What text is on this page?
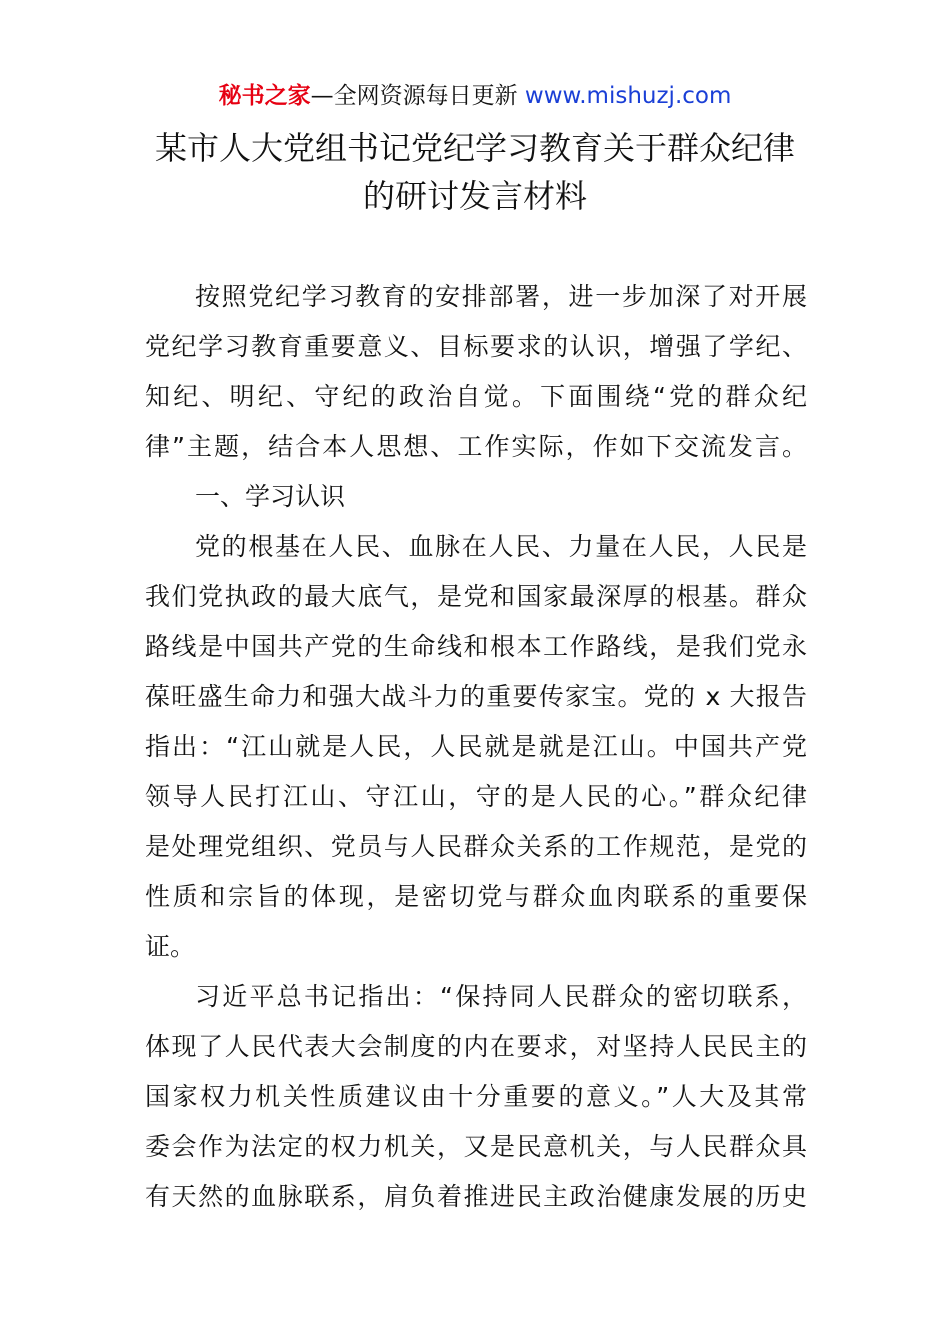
秘书之家—全网资源每日更新 www.mishuzj.com
某市人大党组书记党纪学习教育关于群众纪律
的研讨发言材料
按照党纪学习教育的安排部署，进一步加深了对开展
党纪学习教育重要意义、目标要求的认识，增强了学纪、
知纪、明纪、守纪的政治自觉。下面围绕“党的群众纪
律”主题，结合本人思想、工作实际，作如下交流发言。
一、学习认识
党的根基在人民、血脉在人民、力量在人民，人民是
我们党执政的最大底气，是党和国家最深厚的根基。群众
路线是中国共产党的生命线和根本工作路线，是我们党永
葆旺盛生命力和强大战斗力的重要传家宝。党的 x 大报告
指出：“江山就是人民，人民就是就是江山。中国共产党
领导人民打江山、守江山，守的是人民的心。”群众纪律
是处理党组织、党员与人民群众关系的工作规范，是党的
性质和宗旨的体现，是密切党与群众血肉联系的重要保
证。
习近平总书记指出：“保持同人民群众的密切联系，
体现了人民代表大会制度的内在要求，对坚持人民民主的
国家权力机关性质建议由十分重要的意义。”人大及其常
委会作为法定的权力机关，又是民意机关，与人民群众具
有天然的血脉联系，肩负着推进民主政治健康发展的历史
